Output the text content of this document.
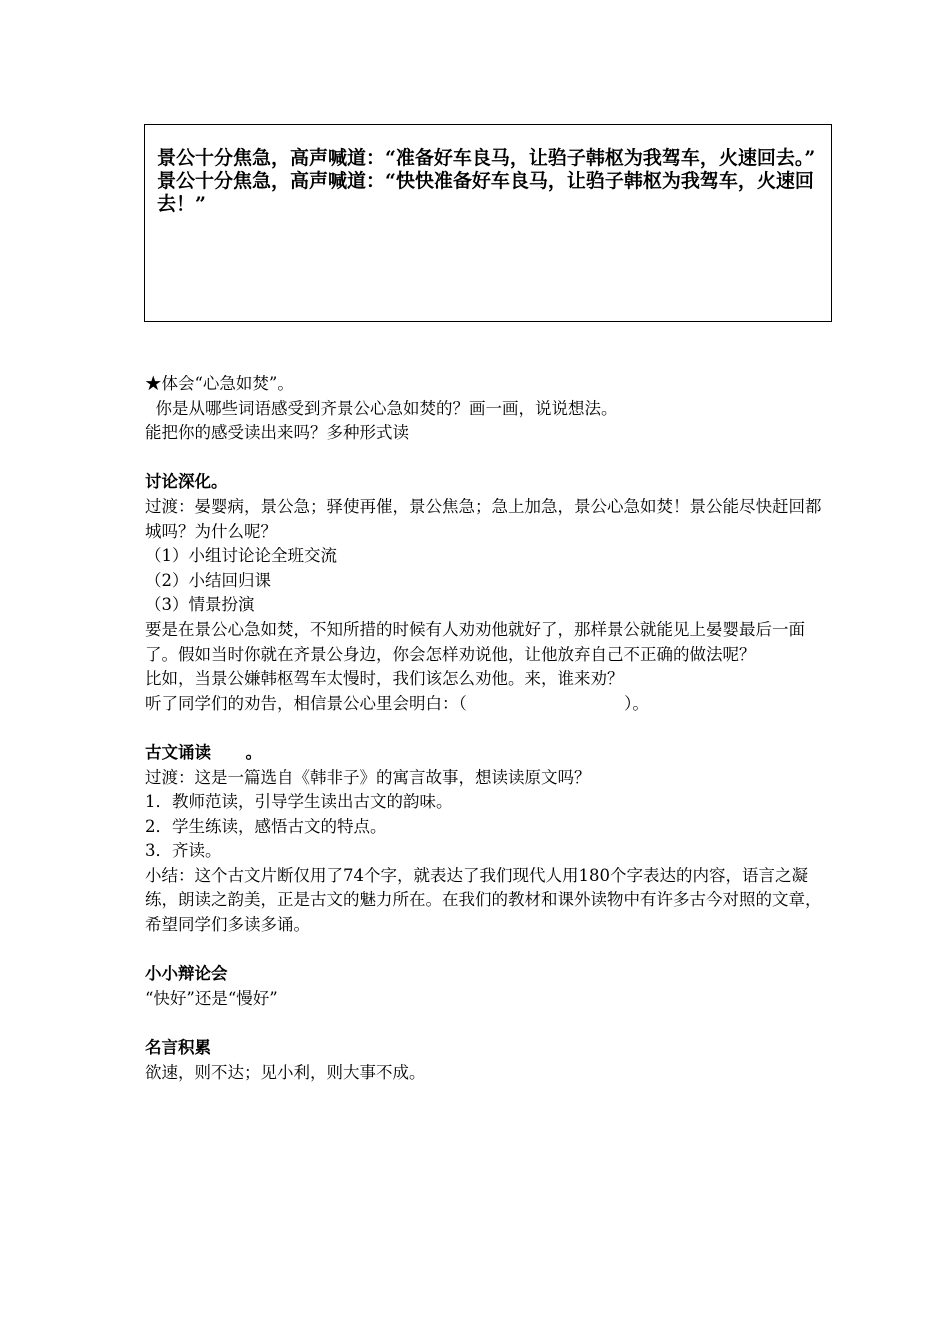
景公十分焦急，高声喊道：“准备好车良马，让驺子韩枢为我驾车，火速回去。”

景公十分焦急，高声喊道：“快快准备好车良马，让驺子韩枢为我驾车，火速回去！”

★体会“心急如焚”。

你是从哪些词语感受到齐景公心急如焚的？画一画，说说想法。

能把你的感受读出来吗？多种形式读

讨论深化。

过渡：晏婴病，景公急；驿使再催，景公焦急；急上加急，景公心急如焚！景公能尽快赶回都城吗？为什么呢？

（1）小组讨论论全班交流

（2）小结回归课

（3）情景扮演

要是在景公心急如焚，不知所措的时候有人劝劝他就好了，那样景公就能见上晏婴最后一面了。假如当时你就在齐景公身边，你会怎样劝说他，让他放弃自己不正确的做法呢？

比如，当景公嫌韩枢驾车太慢时，我们该怎么劝他。来，谁来劝？

听了同学们的劝告，相信景公心里会明白：（                              ）。

古文诵读      。

过渡：这是一篇选自《韩非子》的寓言故事，想读读原文吗？

1．教师范读，引导学生读出古文的韵味。

2．学生练读，感悟古文的特点。

3．齐读。

小结：这个古文片断仅用了74个字，就表达了我们现代人用180个字表达的内容，语言之凝练，朗读之韵美，正是古文的魅力所在。在我们的教材和课外读物中有许多古今对照的文章，希望同学们多读多诵。

小小辩论会

“快好”还是“慢好”

名言积累

欲速，则不达；见小利，则大事不成。
